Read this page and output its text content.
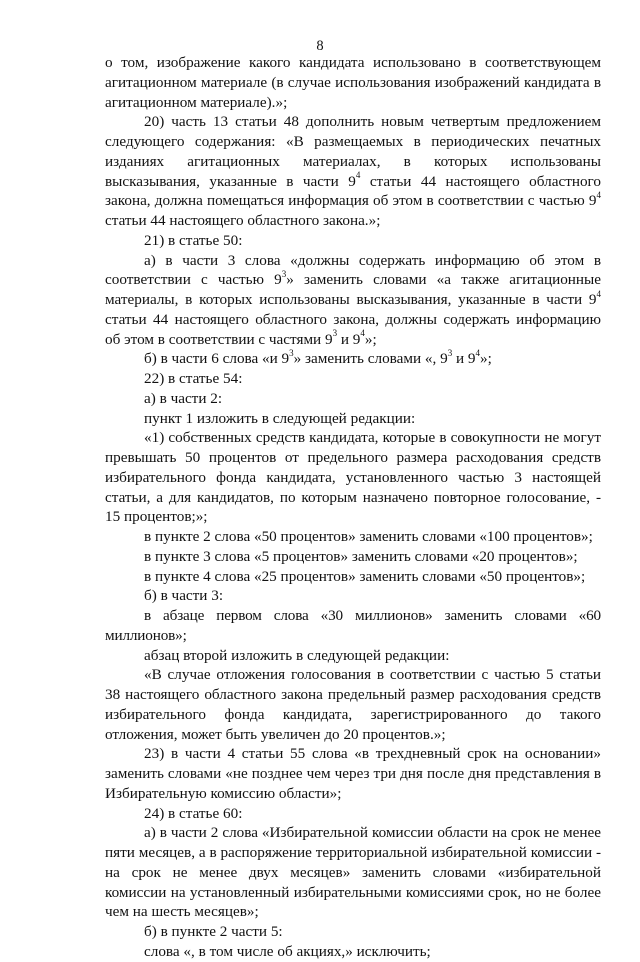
8

о том, изображение какого кандидата использовано в соответствующем агитационном материале (в случае использования изображений кандидата в агитационном материале).»;

20) часть 13 статьи 48 дополнить новым четвертым предложением следующего содержания: «В размещаемых в периодических печатных изданиях агитационных материалах, в которых использованы высказывания, указанные в части $9^4$ статьи 44 настоящего областного закона, должна помещаться информация об этом в соответствии с частью $9^4$ статьи 44 настоящего областного закона.»;

21) в статье 50:

а) в части 3 слова «должны содержать информацию об этом в соответствии с частью $9^3$» заменить словами «а также агитационные материалы, в которых использованы высказывания, указанные в части $9^4$ статьи 44 настоящего областного закона, должны содержать информацию об этом в соответствии с частями $9^3$ и $9^4$»;

б) в части 6 слова «и $9^3$» заменить словами «, $9^3$ и $9^4$»;

22) в статье 54:

а) в части 2:

пункт 1 изложить в следующей редакции:

«1) собственных средств кандидата, которые в совокупности не могут превышать 50 процентов от предельного размера расходования средств избирательного фонда кандидата, установленного частью 3 настоящей статьи, а для кандидатов, по которым назначено повторное голосование, - 15 процентов;»;

в пункте 2 слова «50 процентов» заменить словами «100 процентов»;

в пункте 3 слова «5 процентов» заменить словами «20 процентов»;

в пункте 4 слова «25 процентов» заменить словами «50 процентов»;

б) в части 3:

в абзаце первом слова «30 миллионов» заменить словами «60 миллионов»;

абзац второй изложить в следующей редакции:

«В случае отложения голосования в соответствии с частью 5 статьи 38 настоящего областного закона предельный размер расходования средств избирательного фонда кандидата, зарегистрированного до такого отложения, может быть увеличен до 20 процентов.»;

23) в части 4 статьи 55 слова «в трехдневный срок на основании» заменить словами «не позднее чем через три дня после дня представления в Избирательную комиссию области»;

24) в статье 60:

а) в части 2 слова «Избирательной комиссии области на срок не менее пяти месяцев, а в распоряжение территориальной избирательной комиссии - на срок не менее двух месяцев» заменить словами «избирательной комиссии на установленный избирательными комиссиями срок, но не более чем на шесть месяцев»;

б) в пункте 2 части 5:

слова «, в том числе об акциях,» исключить;
